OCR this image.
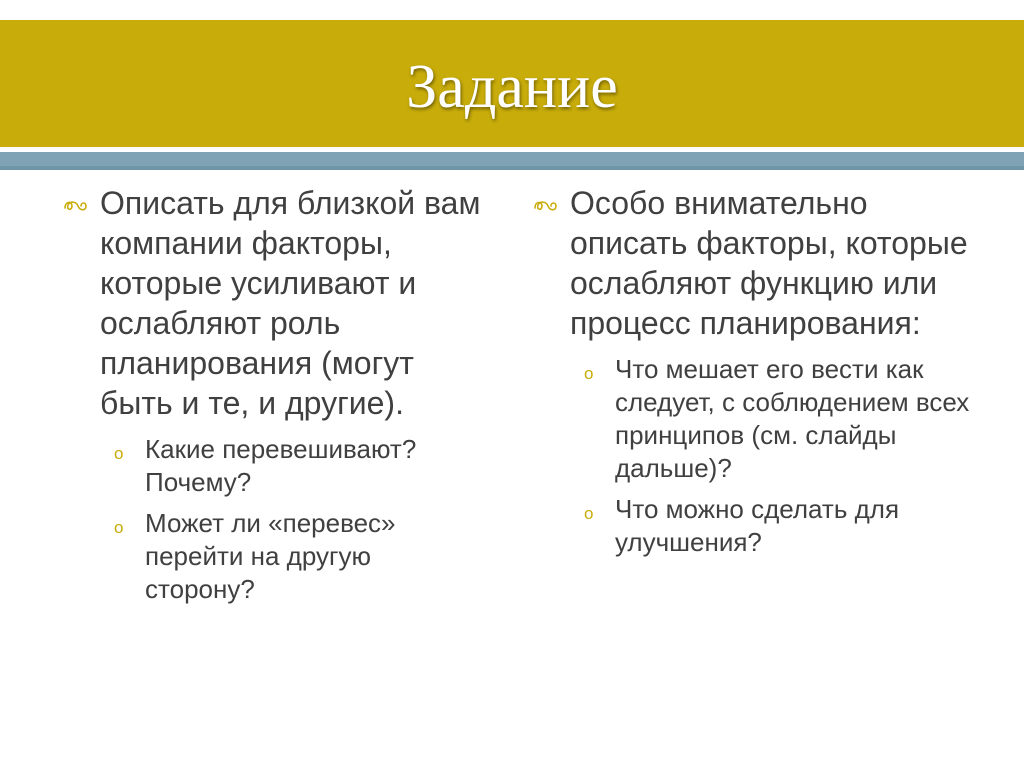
Задание
Описать для близкой вам компании факторы, которые усиливают и ослабляют роль планирования (могут быть и те, и другие).
o Какие перевешивают? Почему?
o Может ли «перевес» перейти на другую сторону?
Особо внимательно описать факторы, которые ослабляют функцию или процесс планирования:
o Что мешает его вести как следует, с соблюдением всех принципов (см. слайды дальше)?
o Что можно сделать для улучшения?
